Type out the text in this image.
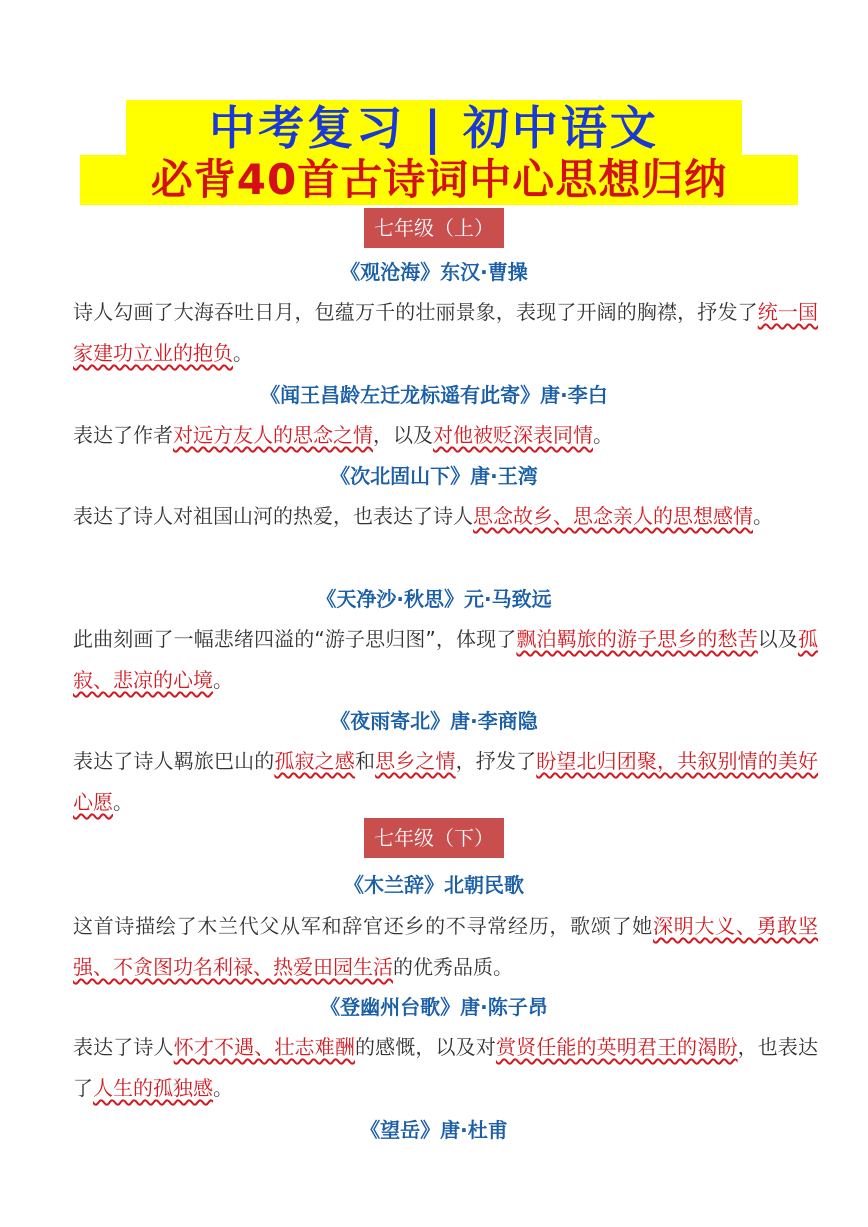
中考复习 | 初中语文
必背40首古诗词中心思想归纳
七年级（上）
《观沧海》东汉·曹操

诗人勾画了大海吞吐日月，包蕴万千的壮丽景象，表现了开阔的胸襟，抒发了统一国家建功立业的抱负。

《闻王昌龄左迁龙标遥有此寄》唐·李白

表达了作者对远方友人的思念之情，以及对他被贬深表同情。

《次北固山下》唐·王湾

表达了诗人对祖国山河的热爱，也表达了诗人思念故乡、思念亲人的思想感情。

《天净沙·秋思》元·马致远

此曲刻画了一幅悲绪四溢的“游子思归图”，体现了飘泊羁旅的游子思乡的愁苦以及孤寂、悲凉的心境。

《夜雨寄北》唐·李商隐

表达了诗人羁旅巴山的孤寂之感和思乡之情，抒发了盼望北归团聚，共叙别情的美好心愿。

七年级（下）
《木兰辞》北朝民歌

这首诗描绘了木兰代父从军和辞官还乡的不寻常经历，歌颂了她深明大义、勇敢坚强、不贪图功名利禄、热爱田园生活的优秀品质。

《登幽州台歌》唐·陈子昂

表达了诗人怀才不遇、壮志难酬的感慨，以及对赏贤任能的英明君王的渴盼，也表达了人生的孤独感。

《望岳》唐·杜甫
